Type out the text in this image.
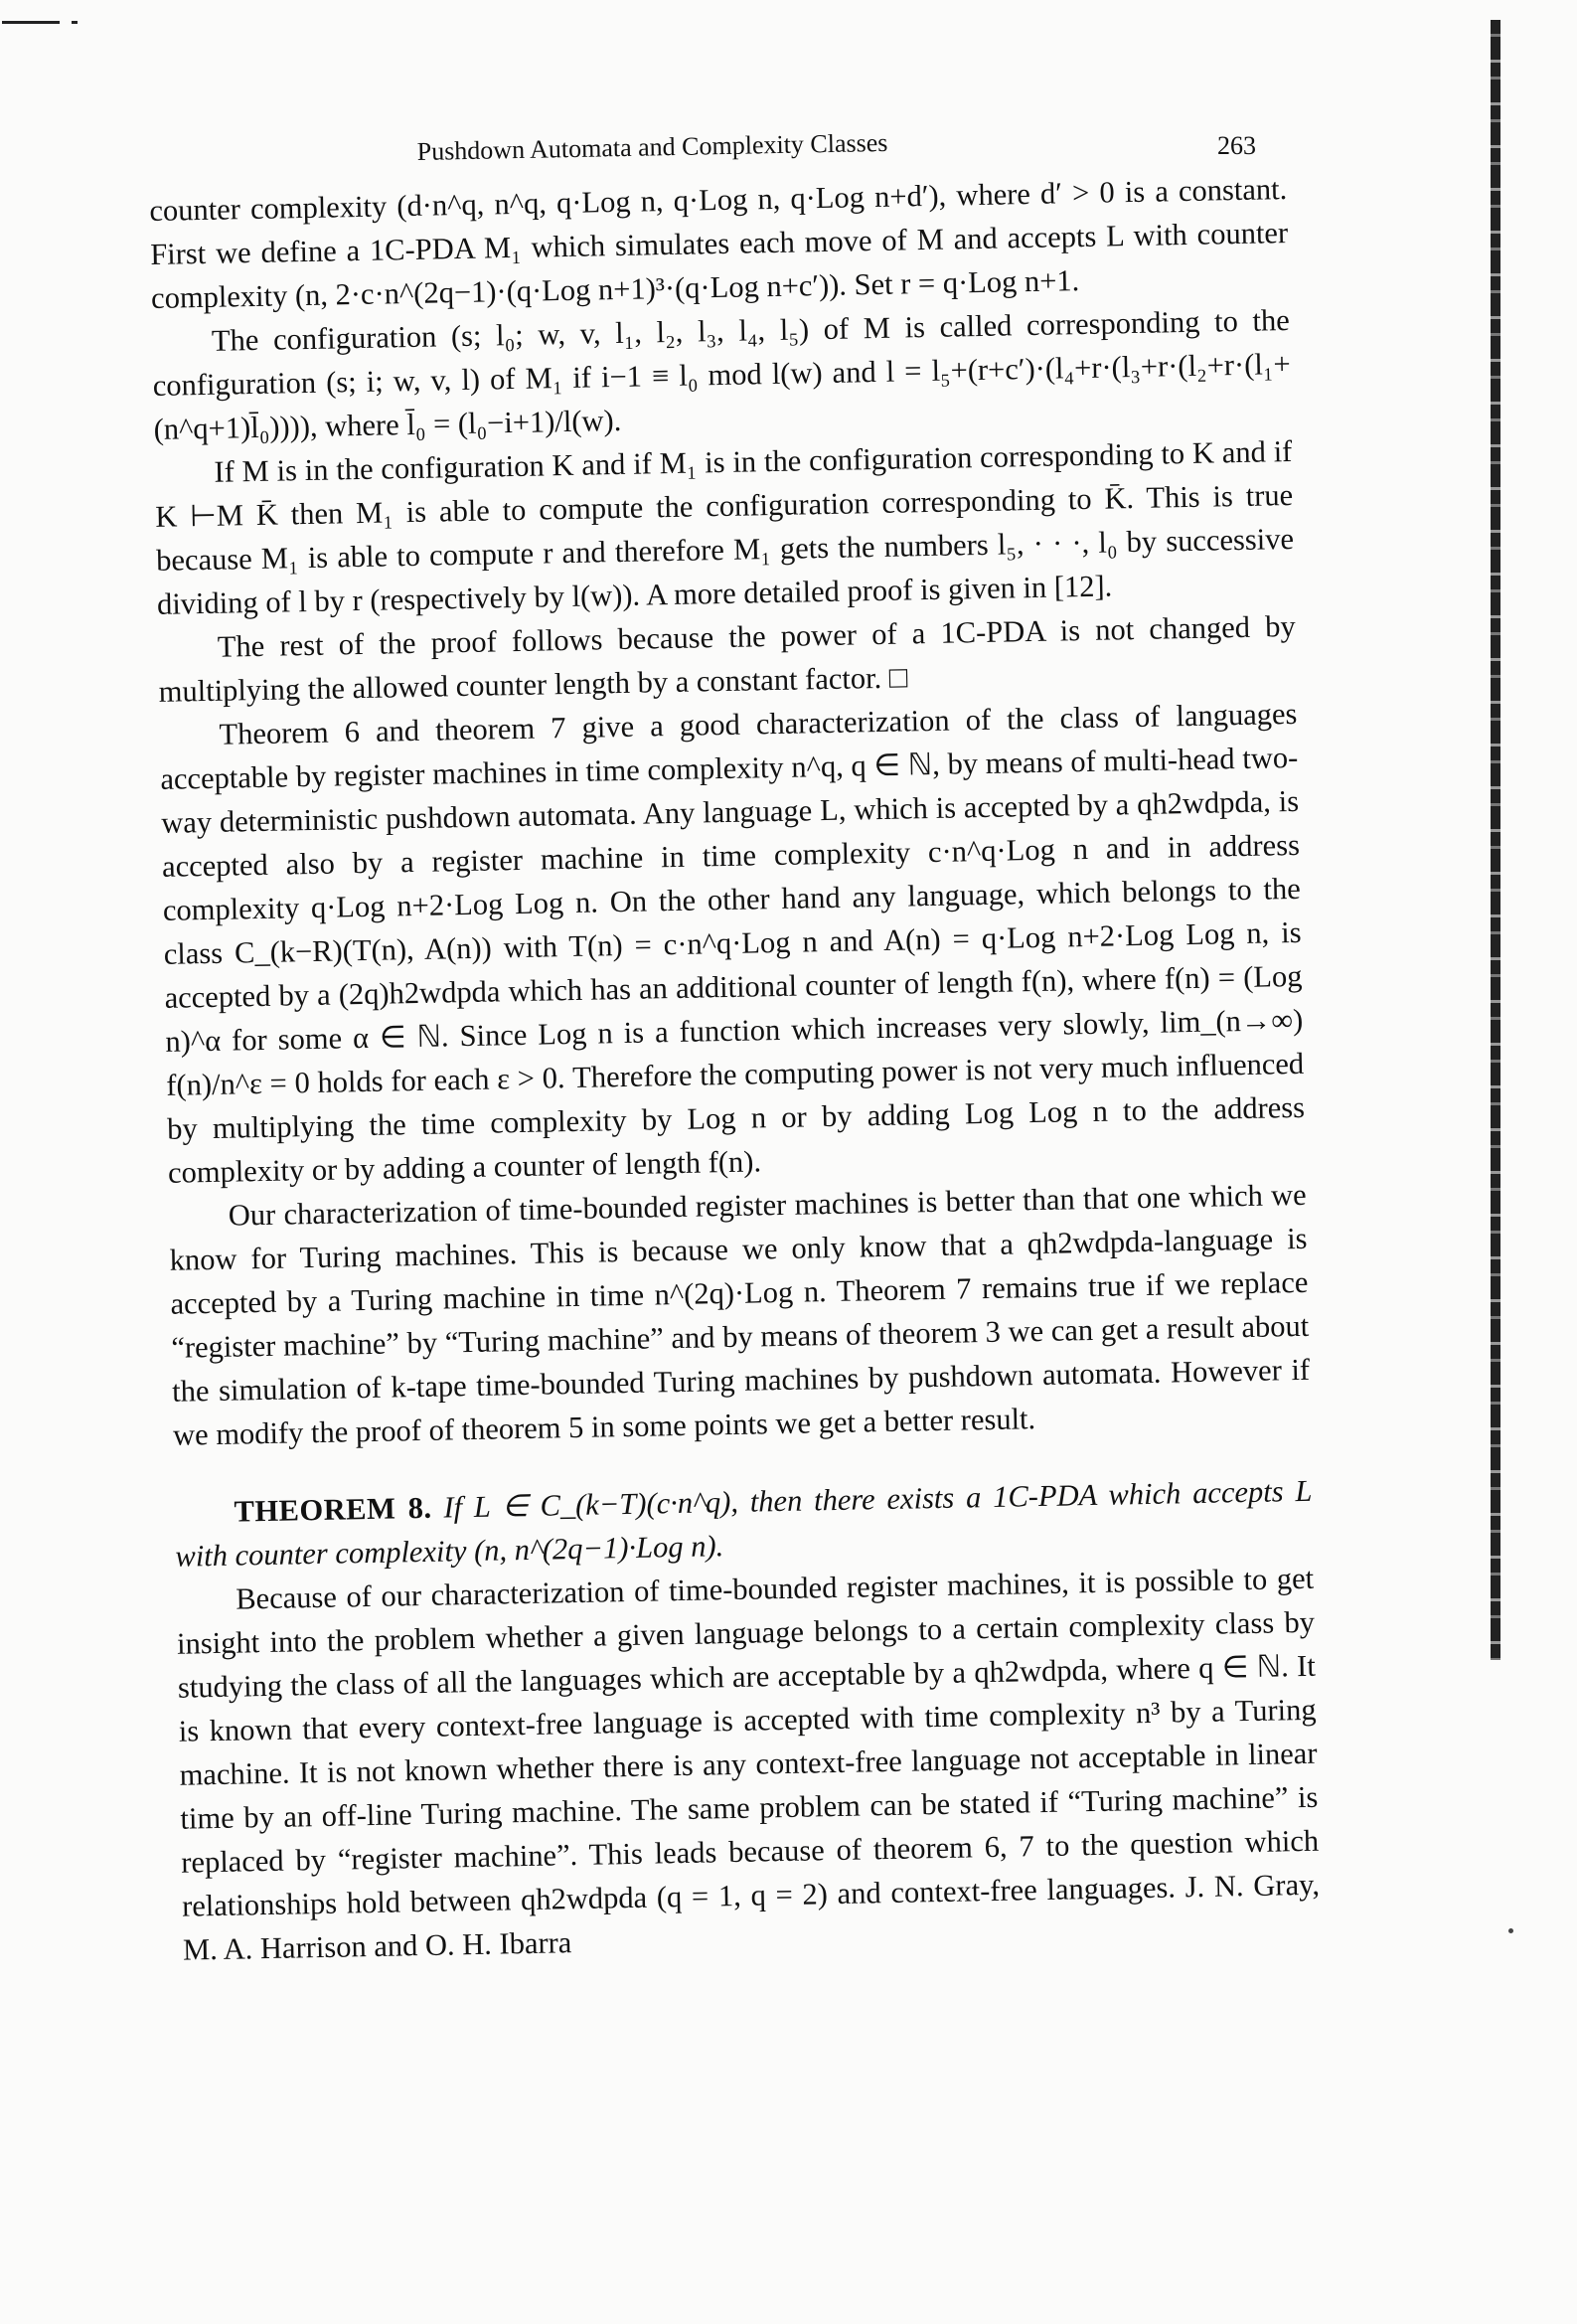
Pushdown Automata and Complexity Classes	263

counter complexity (d·n^q, n^q, q·Log n, q·Log n, q·Log n+d′), where d′ > 0 is a constant. First we define a 1C-PDA M₁ which simulates each move of M and accepts L with counter complexity (n, 2·c·n^(2q−1)·(q·Log n+1)³·(q·Log n+c′)). Set r = q·Log n+1.

The configuration (s; l₀; w, v, l₁, l₂, l₃, l₄, l₅) of M is called corresponding to the configuration (s; i; w, v, l) of M₁ if i−1 ≡ l₀ mod l(w) and l = l₅+(r+c′)·(l₄+r·(l₃+r·(l₂+r·(l₁+(n^q+1)l̄₀)))), where l̄₀ = (l₀−i+1)/l(w).

If M is in the configuration K and if M₁ is in the configuration corresponding to K and if K ⊢M K̄ then M₁ is able to compute the configuration corresponding to K̄. This is true because M₁ is able to compute r and therefore M₁ gets the numbers l₅, · · ·, l₀ by successive dividing of l by r (respectively by l(w)). A more detailed proof is given in [12].

The rest of the proof follows because the power of a 1C-PDA is not changed by multiplying the allowed counter length by a constant factor. □

Theorem 6 and theorem 7 give a good characterization of the class of languages acceptable by register machines in time complexity n^q, q ∈ ℕ, by means of multi-head two-way deterministic pushdown automata. Any language L, which is accepted by a qh2wdpda, is accepted also by a register machine in time complexity c·n^q·Log n and in address complexity q·Log n+2·Log Log n. On the other hand any language, which belongs to the class C_(k−R)(T(n), A(n)) with T(n) = c·n^q·Log n and A(n) = q·Log n+2·Log Log n, is accepted by a (2q)h2wdpda which has an additional counter of length f(n), where f(n) = (Log n)^α for some α ∈ ℕ. Since Log n is a function which increases very slowly, lim_(n→∞) f(n)/n^ε = 0 holds for each ε > 0. Therefore the computing power is not very much influenced by multiplying the time complexity by Log n or by adding Log Log n to the address complexity or by adding a counter of length f(n).

Our characterization of time-bounded register machines is better than that one which we know for Turing machines. This is because we only know that a qh2wdpda-language is accepted by a Turing machine in time n^(2q)·Log n. Theorem 7 remains true if we replace “register machine” by “Turing machine” and by means of theorem 3 we can get a result about the simulation of k-tape time-bounded Turing machines by pushdown automata. However if we modify the proof of theorem 5 in some points we get a better result.

THEOREM 8. If L ∈ C_(k−T)(c·n^q), then there exists a 1C-PDA which accepts L with counter complexity (n, n^(2q−1)·Log n).

Because of our characterization of time-bounded register machines, it is possible to get insight into the problem whether a given language belongs to a certain complexity class by studying the class of all the languages which are acceptable by a qh2wdpda, where q ∈ ℕ. It is known that every context-free language is accepted with time complexity n³ by a Turing machine. It is not known whether there is any context-free language not acceptable in linear time by an off-line Turing machine. The same problem can be stated if “Turing machine” is replaced by “register machine”. This leads because of theorem 6, 7 to the question which relationships hold between qh2wdpda (q = 1, q = 2) and context-free languages. J. N. Gray, M. A. Harrison and O. H. Ibarra
